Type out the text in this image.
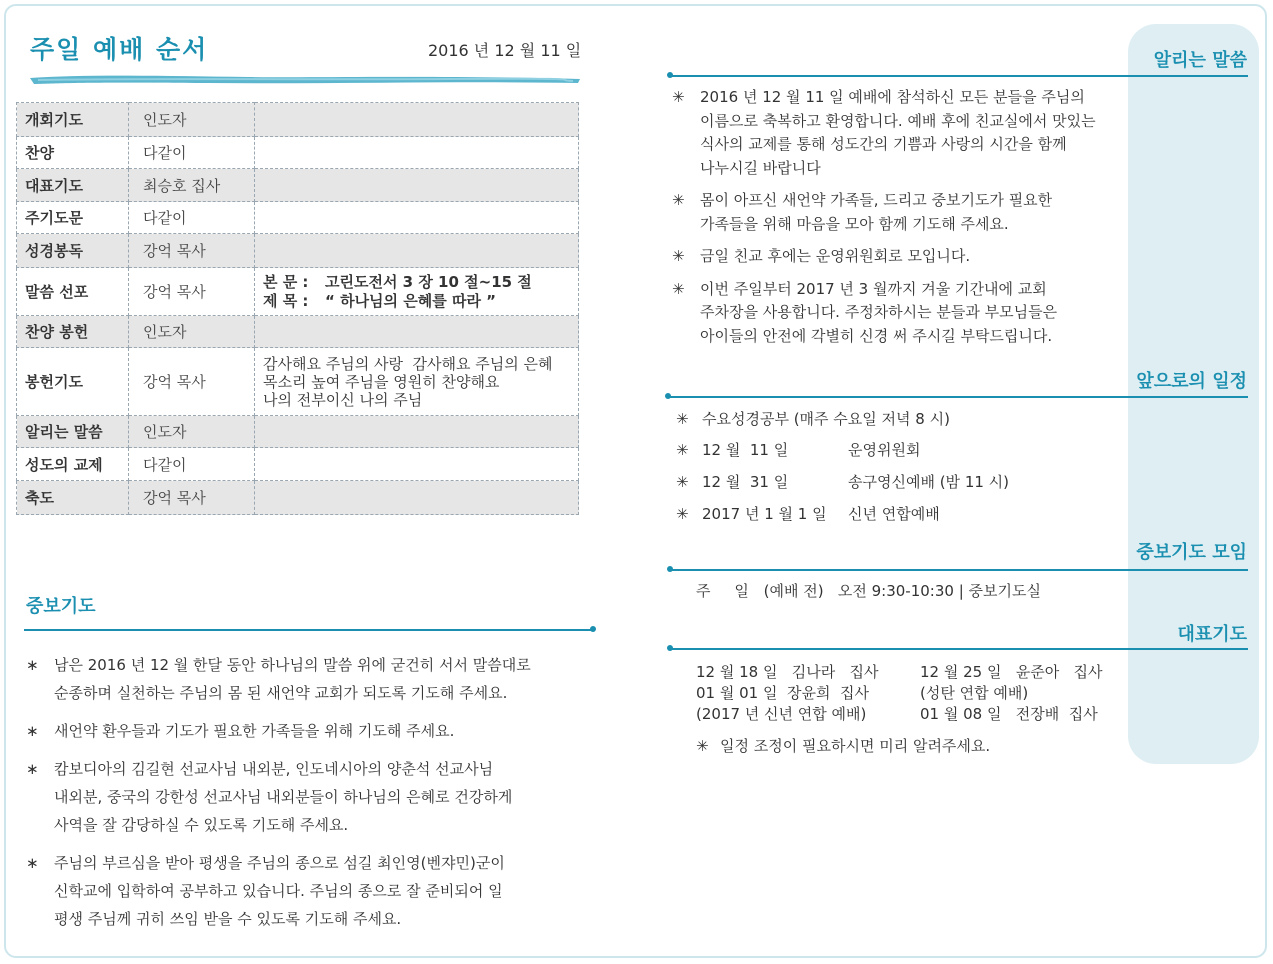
주일 예배 순서	2016 년 12 월 11 일
개회기도	인도자	
찬양	다같이	
대표기도	최승호 집사	
주기도문	다같이	
성경봉독	강억 목사	
말씀 선포	강억 목사	본 문 : 고린도전서 3 장 10 절~15 절
제 목 : “ 하나님의 은혜를 따라 ”

찬양 봉헌	인도자	
봉헌기도	강억 목사	감사해요 주님의 사랑  감사해요 주님의 은혜
목소리 높여 주님을 영원히 찬양해요
나의 전부이신 나의 주님

알리는 말씀	인도자	
성도의 교제	다같이	
축도	강억 목사	
중보기도
∗	남은 2016 년 12 월 한달 동안 하나님의 말씀 위에 굳건히 서서 말씀대로
순종하며 실천하는 주님의 몸 된 새언약 교회가 되도록 기도해 주세요.
∗	새언약 환우들과 기도가 필요한 가족들을 위해 기도해 주세요.
∗	캄보디아의 김길현 선교사님 내외분, 인도네시아의 양춘석 선교사님
내외분, 중국의 강한성 선교사님 내외분들이 하나님의 은혜로 건강하게
사역을 잘 감당하실 수 있도록 기도해 주세요.
∗	주님의 부르심을 받아 평생을 주님의 종으로 섬길 최인영(벤쟈민)군이
신학교에 입학하여 공부하고 있습니다. 주님의 종으로 잘 준비되어 일
평생 주님께 귀히 쓰임 받을 수 있도록 기도해 주세요.
알리는 말씀
✳	2016 년 12 월 11 일 예배에 참석하신 모든 분들을 주님의
이름으로 축복하고 환영합니다. 예배 후에 친교실에서 맛있는
식사의 교제를 통해 성도간의 기쁨과 사랑의 시간을 함께
나누시길 바랍니다
✳	몸이 아프신 새언약 가족들, 드리고 중보기도가 필요한
가족들을 위해 마음을 모아 함께 기도해 주세요.
✳	금일 친교 후에는 운영위원회로 모입니다.
✳	이번 주일부터 2017 년 3 월까지 겨울 기간내에 교회
주차장을 사용합니다. 주정차하시는 분들과 부모님들은
아이들의 안전에 각별히 신경 써 주시길 부탁드립니다.
앞으로의 일정
✳ 수요성경공부 (매주 수요일 저녁 8 시)
✳ 12 월  11 일	운영위원회
✳ 12 월  31 일	송구영신예배 (밤 11 시)
✳ 2017 년 1 월 1 일 신년 연합예배
중보기도 모임
주     일 (예배 전)   오전 9:30-10:30 | 중보기도실
대표기도
12 월 18 일   김나라   집사
01 월 01 일  장윤희  집사
(2017 년 신년 연합 예배)
12 월 25 일   윤준아   집사
(성탄 연합 예배)
01 월 08 일   전장배  집사
✳ 일정 조정이 필요하시면 미리 알려주세요.
